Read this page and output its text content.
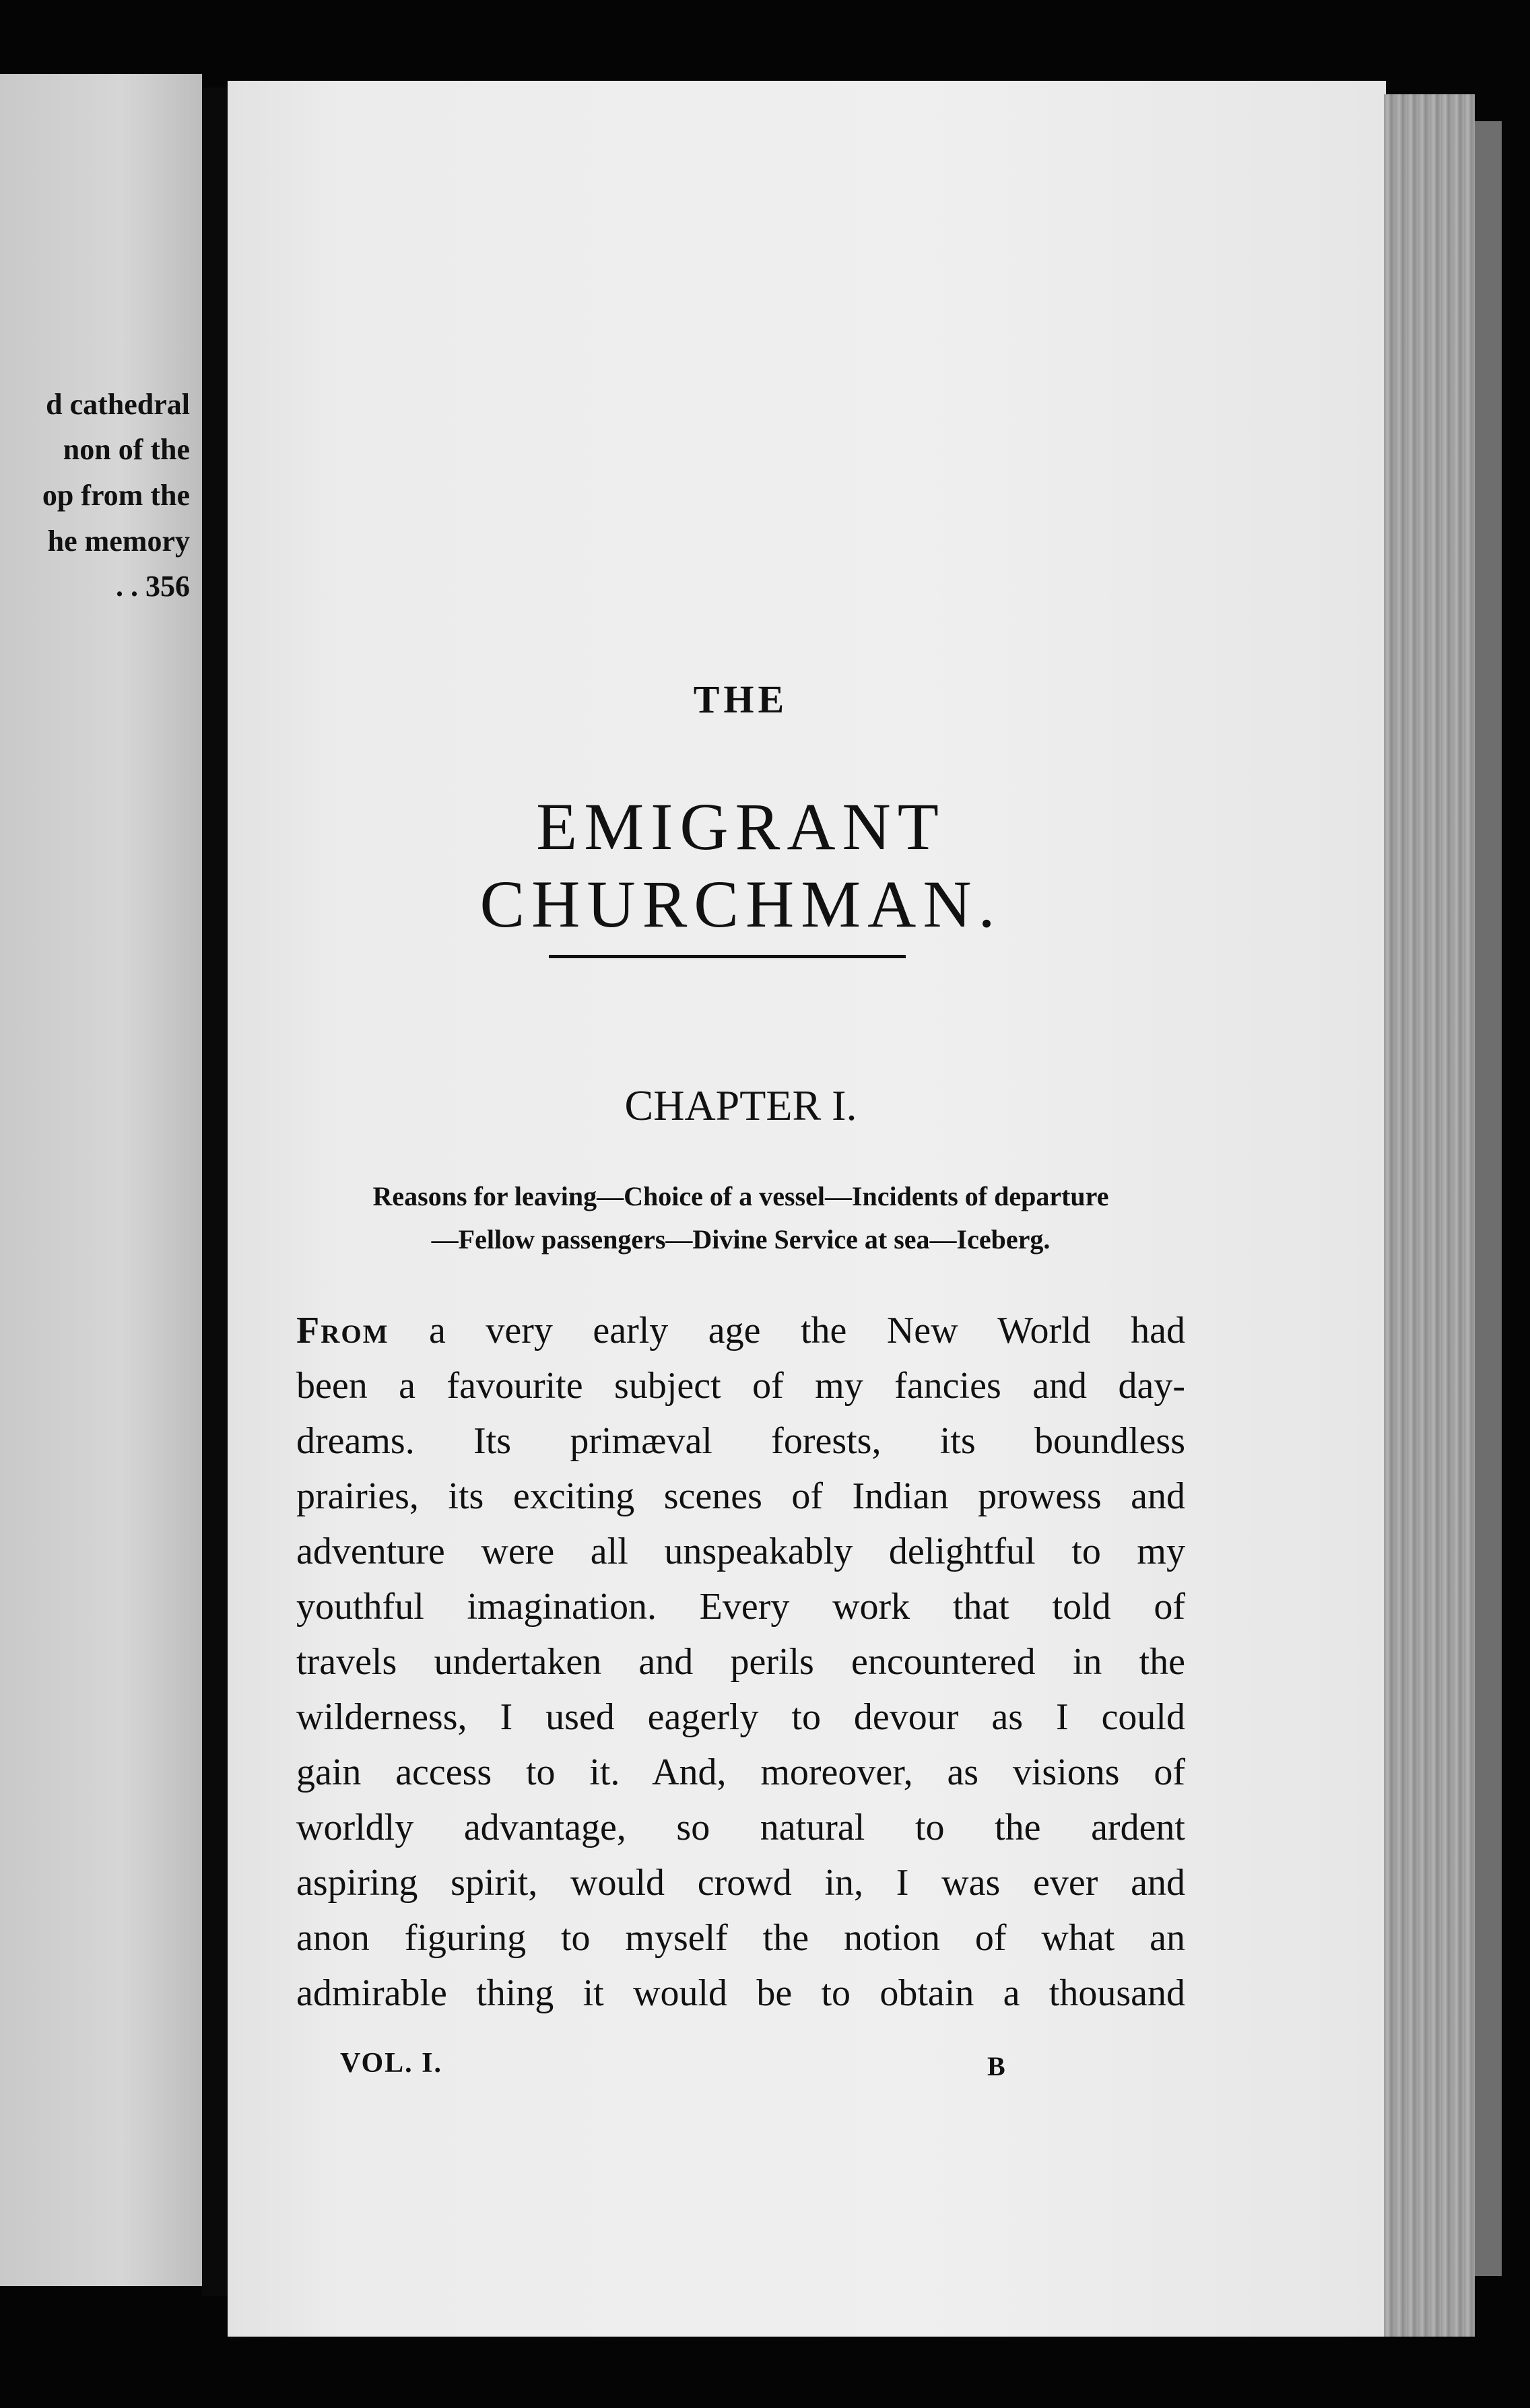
d cathedral
non of the
op from the
he memory
. . 356
THE
EMIGRANT CHURCHMAN.
CHAPTER I.
Reasons for leaving—Choice of a vessel—Incidents of departure
—Fellow passengers—Divine Service at sea—Iceberg.
From a very early age the New World had
been a favourite subject of my fancies and day-
dreams. Its primæval forests, its boundless
prairies, its exciting scenes of Indian prowess and
adventure were all unspeakably delightful to my
youthful imagination. Every work that told of
travels undertaken and perils encountered in the
wilderness, I used eagerly to devour as I could
gain access to it. And, moreover, as visions of
worldly advantage, so natural to the ardent
aspiring spirit, would crowd in, I was ever and
anon figuring to myself the notion of what an
admirable thing it would be to obtain a thousand
VOL. I.	B
